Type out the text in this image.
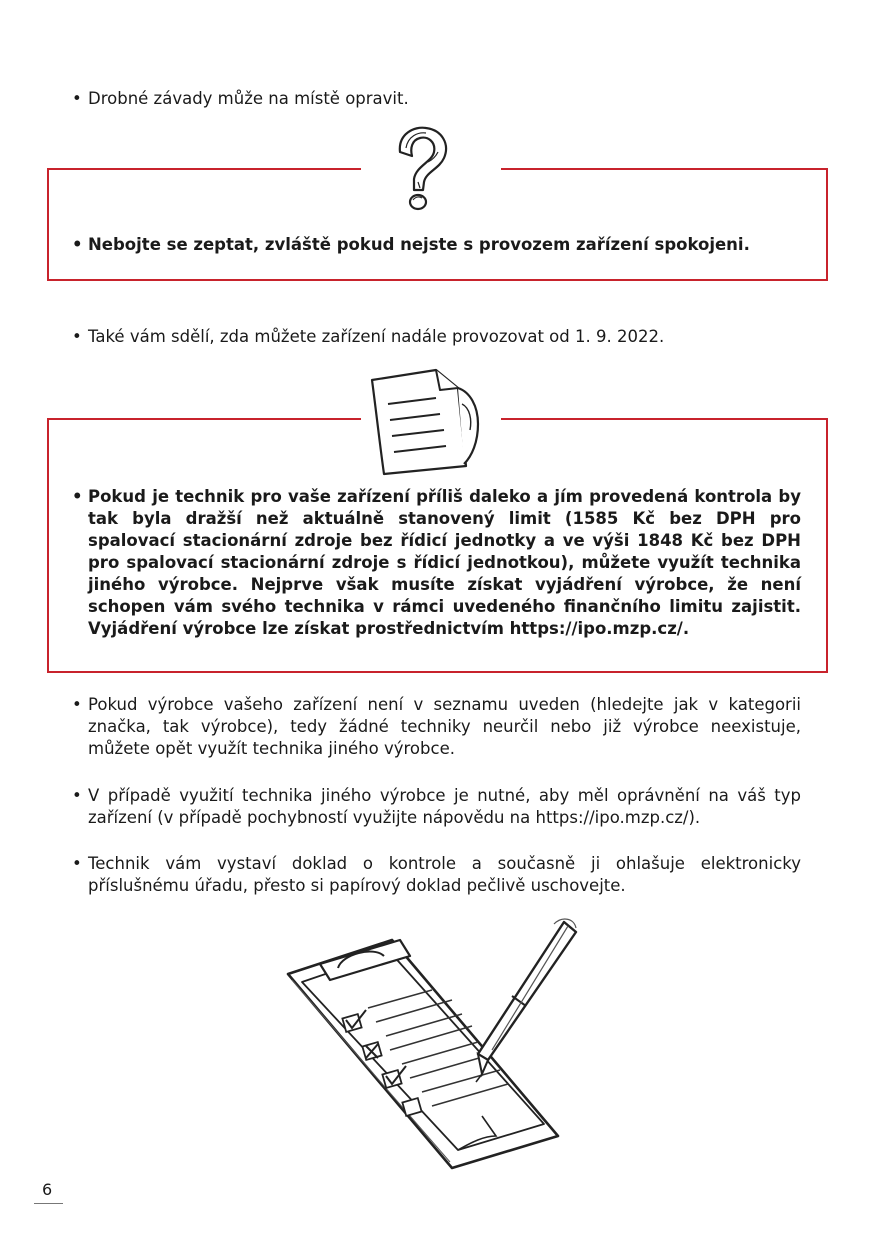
• Drobné závady může na místě opravit.

• Nebojte se zeptat, zvláště pokud nejste s provozem zařízení spokojeni.

• Také vám sdělí, zda můžete zařízení nadále provozovat od 1. 9. 2022.

• Pokud je technik pro vaše zařízení příliš daleko a jím provedená kontrola by tak byla dražší než aktuálně stanovený limit (1585 Kč bez DPH pro spalovací stacionární zdroje bez řídicí jednotky a ve výši 1848 Kč bez DPH pro spalovací stacionární zdroje s řídicí jednotkou), můžete využít technika jiného výrobce. Nejprve však musíte získat vyjádření výrobce, že není schopen vám svého technika v rámci uvedeného finančního limitu zajistit. Vyjádření výrobce lze získat prostřednictvím https://ipo.mzp.cz/.

• Pokud výrobce vašeho zařízení není v seznamu uveden (hledejte jak v kategorii značka, tak výrobce), tedy žádné techniky neurčil nebo již výrobce neexistuje, můžete opět využít technika jiného výrobce.

• V případě využití technika jiného výrobce je nutné, aby měl oprávnění na váš typ zařízení (v případě pochybností využijte nápovědu na https://ipo.mzp.cz/).

• Technik vám vystaví doklad o kontrole a současně ji ohlašuje elektronicky příslušnému úřadu, přesto si papírový doklad pečlivě uschovejte.

6
